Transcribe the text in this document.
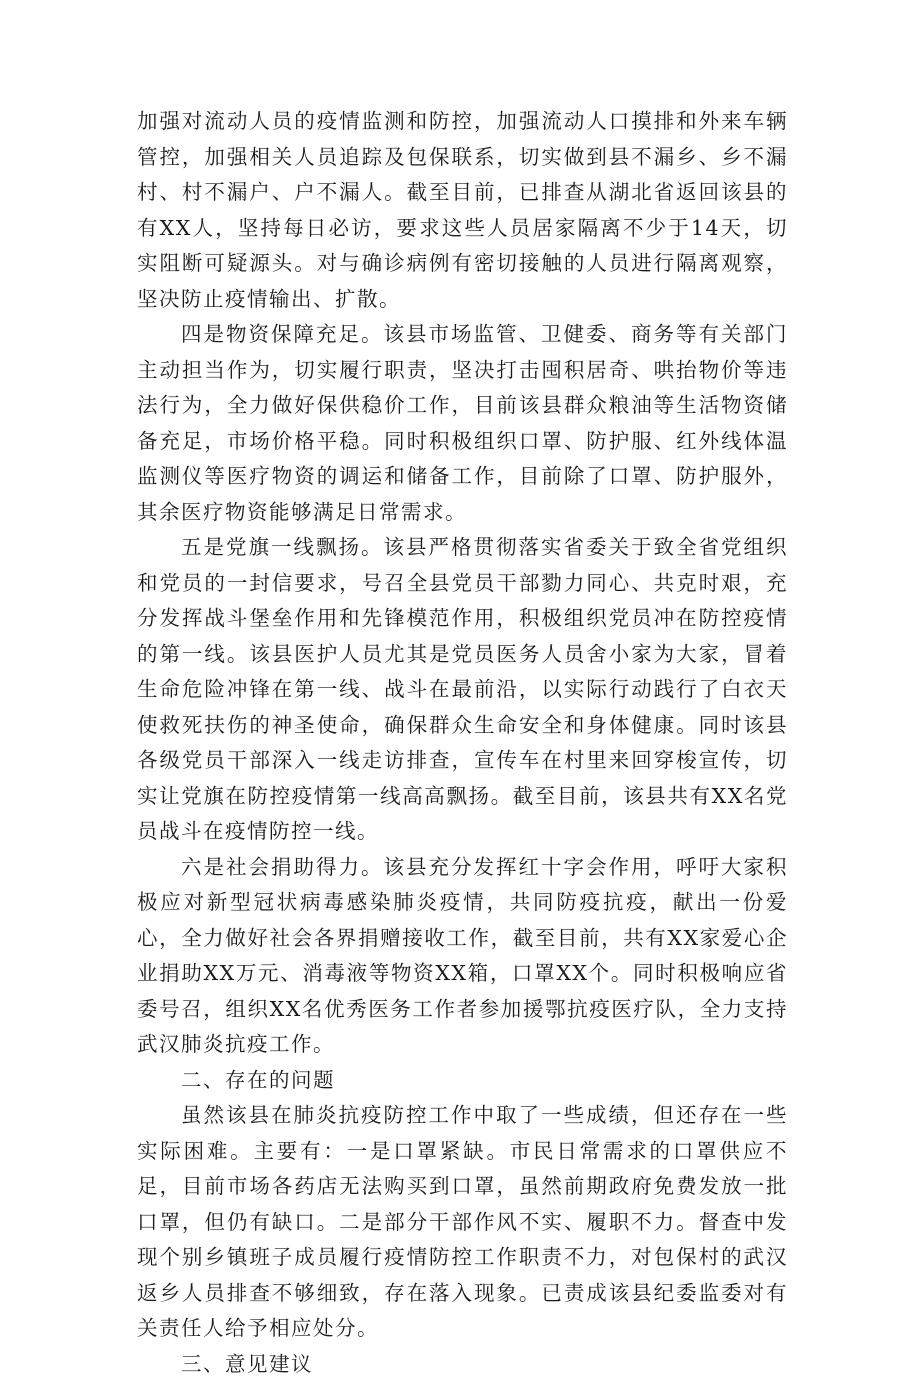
加强对流动人员的疫情监测和防控，加强流动人口摸排和外来车辆管控，加强相关人员追踪及包保联系，切实做到县不漏乡、乡不漏村、村不漏户、户不漏人。截至目前，已排查从湖北省返回该县的有XX人，坚持每日必访，要求这些人员居家隔离不少于14天，切实阻断可疑源头。对与确诊病例有密切接触的人员进行隔离观察，坚决防止疫情输出、扩散。

四是物资保障充足。该县市场监管、卫健委、商务等有关部门主动担当作为，切实履行职责，坚决打击囤积居奇、哄抬物价等违法行为，全力做好保供稳价工作，目前该县群众粮油等生活物资储备充足，市场价格平稳。同时积极组织口罩、防护服、红外线体温监测仪等医疗物资的调运和储备工作，目前除了口罩、防护服外，其余医疗物资能够满足日常需求。

五是党旗一线飘扬。该县严格贯彻落实省委关于致全省党组织和党员的一封信要求，号召全县党员干部勠力同心、共克时艰，充分发挥战斗堡垒作用和先锋模范作用，积极组织党员冲在防控疫情的第一线。该县医护人员尤其是党员医务人员舍小家为大家，冒着生命危险冲锋在第一线、战斗在最前沿，以实际行动践行了白衣天使救死扶伤的神圣使命，确保群众生命安全和身体健康。同时该县各级党员干部深入一线走访排查，宣传车在村里来回穿梭宣传，切实让党旗在防控疫情第一线高高飘扬。截至目前，该县共有XX名党员战斗在疫情防控一线。

六是社会捐助得力。该县充分发挥红十字会作用，呼吁大家积极应对新型冠状病毒感染肺炎疫情，共同防疫抗疫，献出一份爱心，全力做好社会各界捐赠接收工作，截至目前，共有XX家爱心企业捐助XX万元、消毒液等物资XX箱，口罩XX个。同时积极响应省委号召，组织XX名优秀医务工作者参加援鄂抗疫医疗队，全力支持武汉肺炎抗疫工作。

二、存在的问题

虽然该县在肺炎抗疫防控工作中取了一些成绩，但还存在一些实际困难。主要有：一是口罩紧缺。市民日常需求的口罩供应不足，目前市场各药店无法购买到口罩，虽然前期政府免费发放一批口罩，但仍有缺口。二是部分干部作风不实、履职不力。督查中发现个别乡镇班子成员履行疫情防控工作职责不力，对包保村的武汉返乡人员排查不够细致，存在落入现象。已责成该县纪委监委对有关责任人给予相应处分。

三、意见建议
